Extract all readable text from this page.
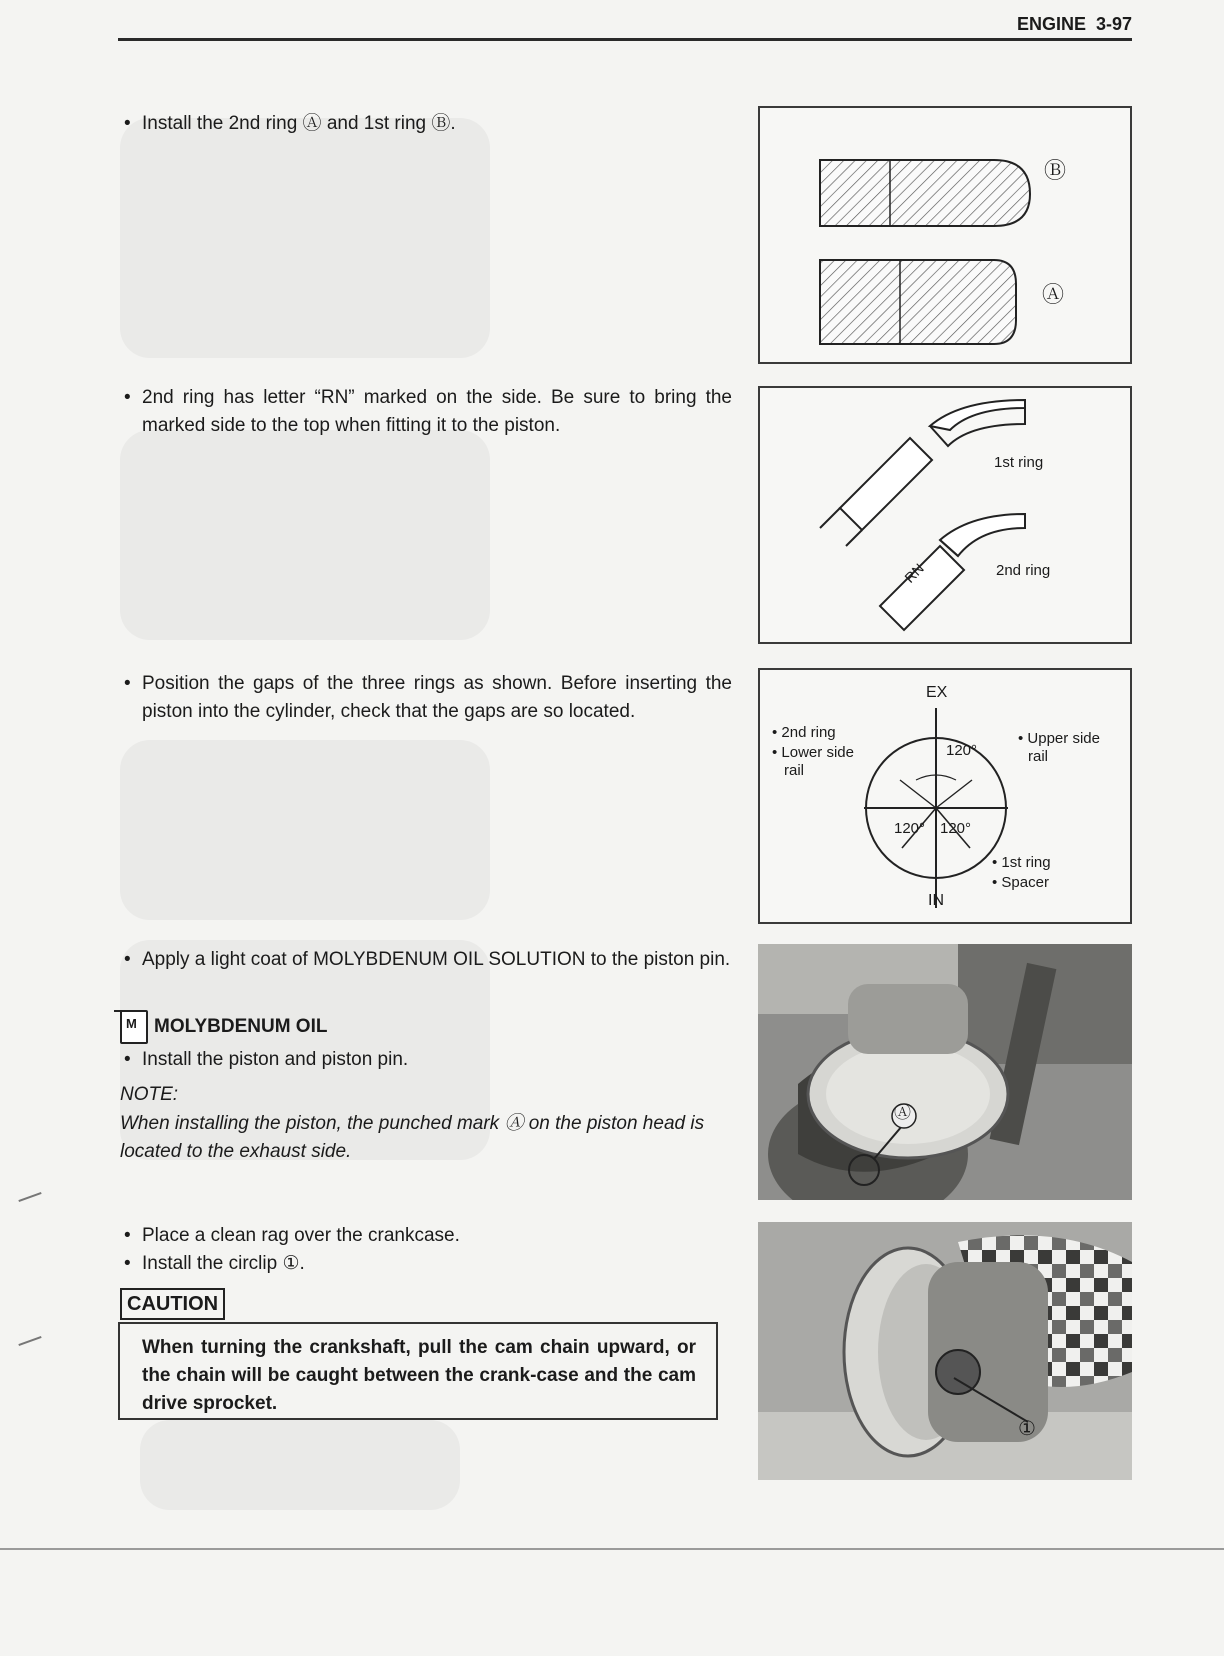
ENGINE 3-97
• Install the 2nd ring Ⓐ and 1st ring Ⓑ.
Ⓑ
Ⓐ
• 2nd ring has letter “RN” marked on the side. Be sure to bring the marked side to the top when fitting it to the piston.
1st ring
2nd ring
RN
• Position the gaps of the three rings as shown. Before inserting the piston into the cylinder, check that the gaps are so located.
EX
IN
• 2nd ring
• Lower side
rail
• Upper side
rail
• 1st ring
• Spacer
120°
120° 120°
• Apply a light coat of MOLYBDENUM OIL SOLUTION to the piston pin.
M
MOLYBDENUM OIL
• Install the piston and piston pin.
NOTE:
When installing the piston, the punched mark Ⓐ on the piston head is located to the exhaust side.
Ⓐ
• Place a clean rag over the crankcase.
• Install the circlip ①.
CAUTION
When turning the crankshaft, pull the cam chain upward, or the chain will be caught between the crank-case and the cam drive sprocket.
①
